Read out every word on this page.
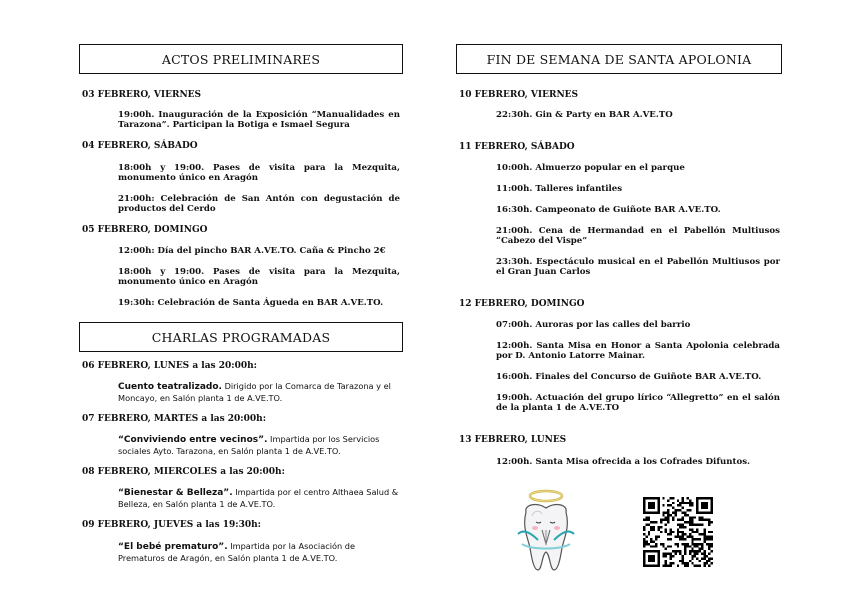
ACTOS PRELIMINARES
03 FEBRERO, VIERNES
19:00h. Inauguración de la Exposición “Manualidades en Tarazona”. Participan la Botiga e Ismael Segura
04 FEBRERO, SÁBADO
18:00h y 19:00. Pases de visita para la Mezquita, monumento único en Aragón
21:00h: Celebración de San Antón con degustación de productos del Cerdo
05 FEBRERO, DOMINGO
12:00h: Día del pincho BAR A.VE.TO. Caña & Pincho 2€
18:00h y 19:00. Pases de visita para la Mezquita, monumento único en Aragón
19:30h: Celebración de Santa Águeda en BAR A.VE.TO.
CHARLAS PROGRAMADAS
06 FEBRERO, LUNES a las 20:00h:
Cuento teatralizado. Dirigido por la Comarca de Tarazona y el Moncayo, en Salón planta 1 de A.VE.TO.
07 FEBRERO, MARTES a las 20:00h:
“Conviviendo entre vecinos”. Impartida por los Servicios sociales Ayto. Tarazona, en Salón planta 1 de A.VE.TO.
08 FEBRERO, MIERCOLES a las 20:00h:
“Bienestar & Belleza”. Impartida por el centro Althaea Salud & Belleza, en Salón planta 1 de A.VE.TO.
09 FEBRERO, JUEVES a las 19:30h:
“El bebé prematuro”. Impartida por la Asociación de Prematuros de Aragón, en Salón planta 1 de A.VE.TO.
FIN DE SEMANA DE SANTA APOLONIA
10 FEBRERO, VIERNES
22:30h. Gin & Party en BAR A.VE.TO
11 FEBRERO, SÁBADO
10:00h. Almuerzo popular en el parque
11:00h. Talleres infantiles
16:30h. Campeonato de Guiñote BAR A.VE.TO.
21:00h. Cena de Hermandad en el Pabellón Multiusos “Cabezo del Vispe”
23:30h. Espectáculo musical en el Pabellón Multiusos por el Gran Juan Carlos
12 FEBRERO, DOMINGO
07:00h. Auroras por las calles del barrio
12:00h. Santa Misa en Honor a Santa Apolonia celebrada por D. Antonio Latorre Mainar.
16:00h. Finales del Concurso de Guiñote BAR A.VE.TO.
19:00h. Actuación del grupo lírico “Allegretto” en el salón de la planta 1 de A.VE.TO
13 FEBRERO, LUNES
12:00h. Santa Misa ofrecida a los Cofrades Difuntos.
